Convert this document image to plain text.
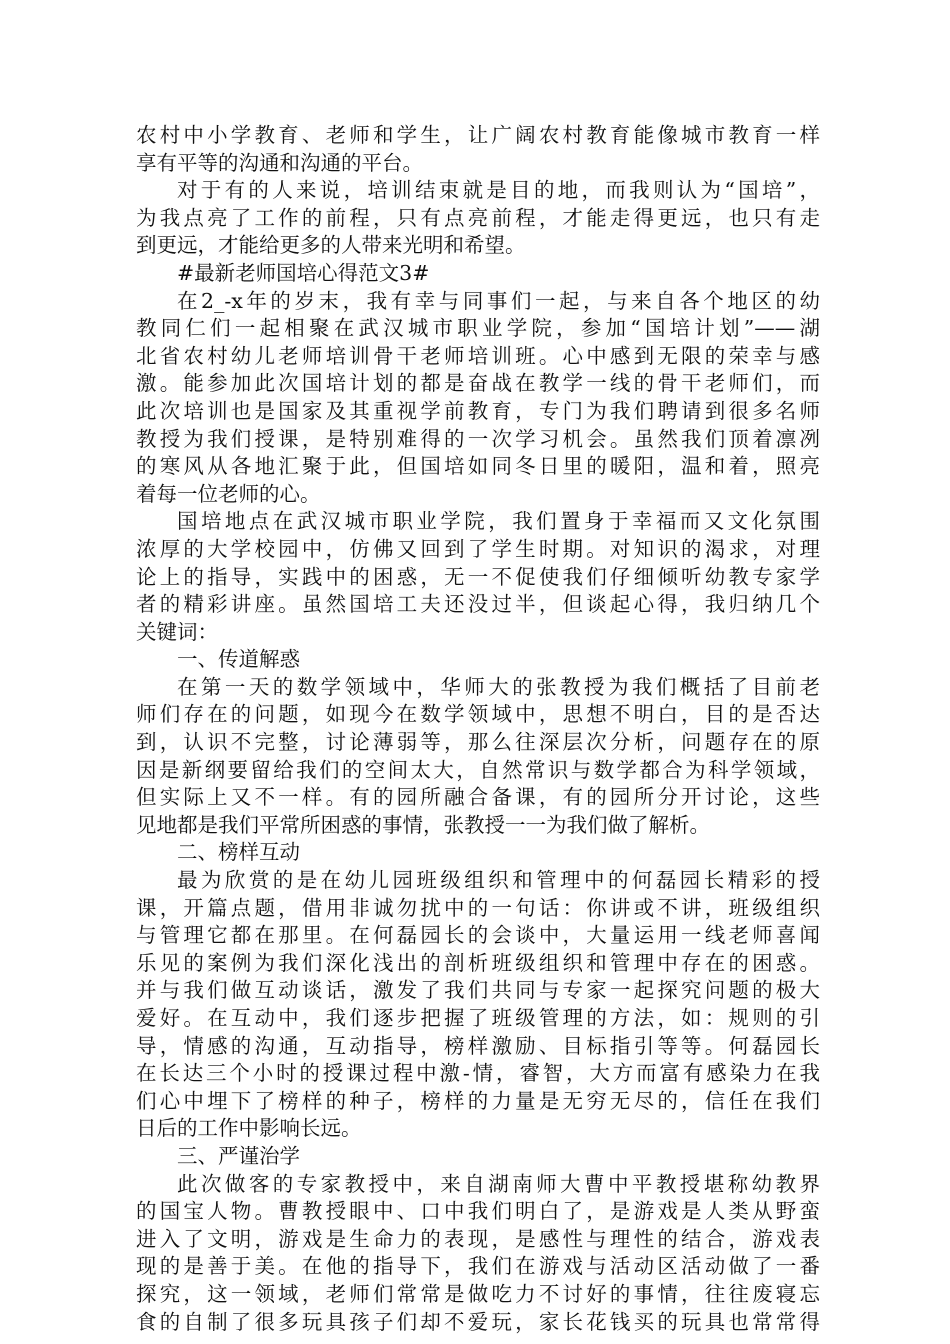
农村中小学教育、老师和学生，让广阔农村教育能像城市教育一样
享有平等的沟通和沟通的平台。
对于有的人来说，培训结束就是目的地，而我则认为“国培”，
为我点亮了工作的前程，只有点亮前程，才能走得更远，也只有走
到更远，才能给更多的人带来光明和希望。
#最新老师国培心得范文3#
在2_-x年的岁末，我有幸与同事们一起，与来自各个地区的幼
教同仁们一起相聚在武汉城市职业学院，参加“国培计划”——湖
北省农村幼儿老师培训骨干老师培训班。心中感到无限的荣幸与感
激。能参加此次国培计划的都是奋战在教学一线的骨干老师们，而
此次培训也是国家及其重视学前教育，专门为我们聘请到很多名师
教授为我们授课，是特别难得的一次学习机会。虽然我们顶着凛冽
的寒风从各地汇聚于此，但国培如同冬日里的暖阳，温和着，照亮
着每一位老师的心。
国培地点在武汉城市职业学院，我们置身于幸福而又文化氛围
浓厚的大学校园中，仿佛又回到了学生时期。对知识的渴求，对理
论上的指导，实践中的困惑，无一不促使我们仔细倾听幼教专家学
者的精彩讲座。虽然国培工夫还没过半，但谈起心得，我归纳几个
关键词：
一、传道解惑
在第一天的数学领域中，华师大的张教授为我们概括了目前老
师们存在的问题，如现今在数学领域中，思想不明白，目的是否达
到，认识不完整，讨论薄弱等，那么往深层次分析，问题存在的原
因是新纲要留给我们的空间太大，自然常识与数学都合为科学领域，
但实际上又不一样。有的园所融合备课，有的园所分开讨论，这些
见地都是我们平常所困惑的事情，张教授一一为我们做了解析。
二、榜样互动
最为欣赏的是在幼儿园班级组织和管理中的何磊园长精彩的授
课，开篇点题，借用非诚勿扰中的一句话：你讲或不讲，班级组织
与管理它都在那里。在何磊园长的会谈中，大量运用一线老师喜闻
乐见的案例为我们深化浅出的剖析班级组织和管理中存在的困惑。
并与我们做互动谈话，激发了我们共同与专家一起探究问题的极大
爱好。在互动中，我们逐步把握了班级管理的方法，如：规则的引
导，情感的沟通，互动指导，榜样激励、目标指引等等。何磊园长
在长达三个小时的授课过程中激-情，睿智，大方而富有感染力在我
们心中埋下了榜样的种子，榜样的力量是无穷无尽的，信任在我们
日后的工作中影响长远。
三、严谨治学
此次做客的专家教授中，来自湖南师大曹中平教授堪称幼教界
的国宝人物。曹教授眼中、口中我们明白了，是游戏是人类从野蛮
进入了文明，游戏是生命力的表现，是感性与理性的结合，游戏表
现的是善于美。在他的指导下，我们在游戏与活动区活动做了一番
探究，这一领域，老师们常常是做吃力不讨好的事情，往往废寝忘
食的自制了很多玩具孩子们却不爱玩，家长花钱买的玩具也常常得
